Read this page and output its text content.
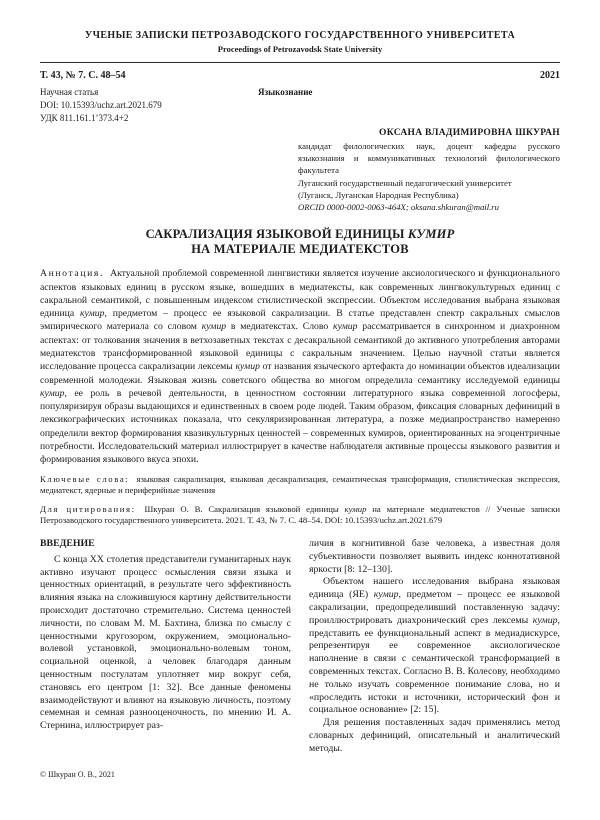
УЧЕНЫЕ ЗАПИСКИ ПЕТРОЗАВОДСКОГО ГОСУДАРСТВЕННОГО УНИВЕРСИТЕТА
Proceedings of Petrozavodsk State University
Т. 43, № 7. С. 48–54	2021
Научная статья	Языкознание
DOI: 10.15393/uchz.art.2021.679
УДК 811.161.1’373.4+2
ОКСАНА ВЛАДИМИРОВНА ШКУРАН
кандидат филологических наук, доцент кафедры русского языкознания и коммуникативных технологий филологического факультета
Луганский государственный педагогический университет
(Луганск, Луганская Народная Республика)
ORCID 0000-0002-0063-464X; oksana.shkuran@mail.ru
САКРАЛИЗАЦИЯ ЯЗЫКОВОЙ ЕДИНИЦЫ КУМИР
НА МАТЕРИАЛЕ МЕДИАТЕКСТОВ

Аннотация. Актуальной проблемой современной лингвистики является изучение аксиологического и функционального аспектов языковых единиц в русском языке, вошедших в медиатексты, как современных лингвокультурных единиц с сакральной семантикой, с повышенным индексом стилистической экспрессии. Объектом исследования выбрана языковая единица кумир, предметом – процесс ее языковой сакрализации. В статье представлен спектр сакральных смыслов эмпирического материала со словом кумир в медиатекстах. Слово кумир рассматривается в синхронном и диахронном аспектах: от толкования значения в ветхозаветных текстах с десакральной семантикой до активного употребления авторами медиатекстов трансформированной языковой единицы с сакральным значением. Целью научной статьи является исследование процесса сакрализации лексемы кумир от названия языческого артефакта до номинации объектов идеализации современной молодежи. Языковая жизнь советского общества во многом определила семантику исследуемой единицы кумир, ее роль в речевой деятельности, в ценностном состоянии литературного языка современной логосферы, популяризируя образы выдающихся и единственных в своем роде людей. Таким образом, фиксация словарных дефиниций в лексикографических источниках показала, что секуляризированная литература, а позже медиапространство намеренно определили вектор формирования квазикультурных ценностей – современных кумиров, ориентированных на эгоцентричные потребности. Исследовательский материал иллюстрирует в качестве наблюдателя активные процессы языкового развития и формирования языкового вкуса эпохи.

Ключевые слова: языковая сакрализация, языковая десакрализация, семантическая трансформация, стилистическая экспрессия, медиатекст, ядерные и периферийные значения

Для цитирования: Шкуран О. В. Сакрализация языковой единицы кумир на материале медиатекстов // Ученые записки Петрозаводского государственного университета. 2021. Т. 43, № 7. С. 48–54. DOI: 10.15393/uchz.art.2021.679

ВВЕДЕНИЕ

С конца ХХ столетия представители гуманитарных наук активно изучают процесс осмысления связи языка и ценностных ориентаций, в результате чего эффективность влияния языка на сложившуюся картину действительности происходит достаточно стремительно. Система ценностей личности, по словам М. М. Бахтина, близка по смыслу с ценностными кругозором, окружением, эмоционально-волевой установкой, эмоционально-волевым тоном, социальной оценкой, а человек благодаря данным ценностным постулатам уплотняет мир вокруг себя, становясь его центром [1: 32]. Все данные феномены взаимодействуют и влияют на языковую личность, поэтому семемная и семная разнооценочность, по мнению И. А. Стернина, иллюстрирует раз-

личия в когнитивной базе человека, а известная доля субъективности позволяет выявить индекс коннотативной яркости [8: 12–130].

Объектом нашего исследования выбрана языковая единица (ЯЕ) кумир, предметом – процесс ее языковой сакрализации, предопределивший поставленную задачу: проиллюстрировать диахронический срез лексемы кумир, представить ее функциональный аспект в медиадискурсе, репрезентируя ее современное аксиологическое наполнение в связи с семантической трансформацией в современных текстах. Согласно В. В. Колесову, необходимо не только изучать современное понимание слова, но и «проследить истоки и источники, исторический фон и социальное основание» [2: 15].

Для решения поставленных задач применялись метод словарных дефиниций, описательный и аналитический методы.

© Шкуран О. В., 2021
